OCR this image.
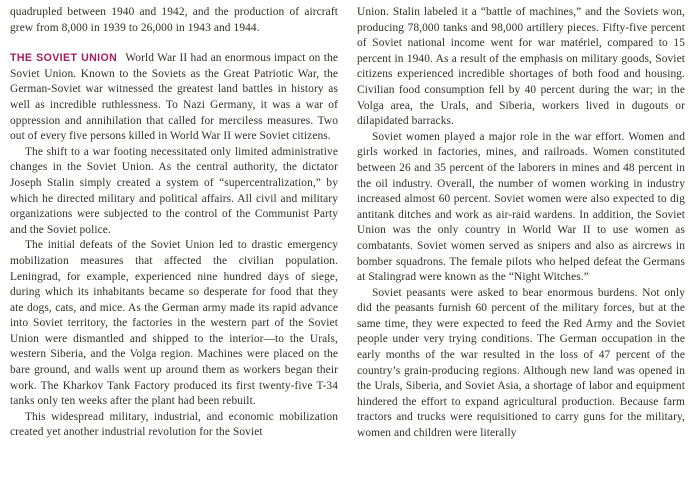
quadrupled between 1940 and 1942, and the production of aircraft grew from 8,000 in 1939 to 26,000 in 1943 and 1944.

THE SOVIET UNION World War II had an enormous impact on the Soviet Union. Known to the Soviets as the Great Patriotic War, the German-Soviet war witnessed the greatest land battles in history as well as incredible ruthlessness. To Nazi Germany, it was a war of oppression and annihilation that called for merciless measures. Two out of every five persons killed in World War II were Soviet citizens.

The shift to a war footing necessitated only limited administrative changes in the Soviet Union. As the central authority, the dictator Joseph Stalin simply created a system of “supercentralization,” by which he directed military and political affairs. All civil and military organizations were subjected to the control of the Communist Party and the Soviet police.

The initial defeats of the Soviet Union led to drastic emergency mobilization measures that affected the civilian population. Leningrad, for example, experienced nine hundred days of siege, during which its inhabitants became so desperate for food that they ate dogs, cats, and mice. As the German army made its rapid advance into Soviet territory, the factories in the western part of the Soviet Union were dismantled and shipped to the interior—to the Urals, western Siberia, and the Volga region. Machines were placed on the bare ground, and walls went up around them as workers began their work. The Kharkov Tank Factory produced its first twenty-five T-34 tanks only ten weeks after the plant had been rebuilt.

This widespread military, industrial, and economic mobilization created yet another industrial revolution for the Soviet

Union. Stalin labeled it a “battle of machines,” and the Soviets won, producing 78,000 tanks and 98,000 artillery pieces. Fifty-five percent of Soviet national income went for war matériel, compared to 15 percent in 1940. As a result of the emphasis on military goods, Soviet citizens experienced incredible shortages of both food and housing. Civilian food consumption fell by 40 percent during the war; in the Volga area, the Urals, and Siberia, workers lived in dugouts or dilapidated barracks.

Soviet women played a major role in the war effort. Women and girls worked in factories, mines, and railroads. Women constituted between 26 and 35 percent of the laborers in mines and 48 percent in the oil industry. Overall, the number of women working in industry increased almost 60 percent. Soviet women were also expected to dig antitank ditches and work as air-raid wardens. In addition, the Soviet Union was the only country in World War II to use women as combatants. Soviet women served as snipers and also as aircrews in bomber squadrons. The female pilots who helped defeat the Germans at Stalingrad were known as the “Night Witches.”

Soviet peasants were asked to bear enormous burdens. Not only did the peasants furnish 60 percent of the military forces, but at the same time, they were expected to feed the Red Army and the Soviet people under very trying conditions. The German occupation in the early months of the war resulted in the loss of 47 percent of the country’s grain-producing regions. Although new land was opened in the Urals, Siberia, and Soviet Asia, a shortage of labor and equipment hindered the effort to expand agricultural production. Because farm tractors and trucks were requisitioned to carry guns for the military, women and children were literally
